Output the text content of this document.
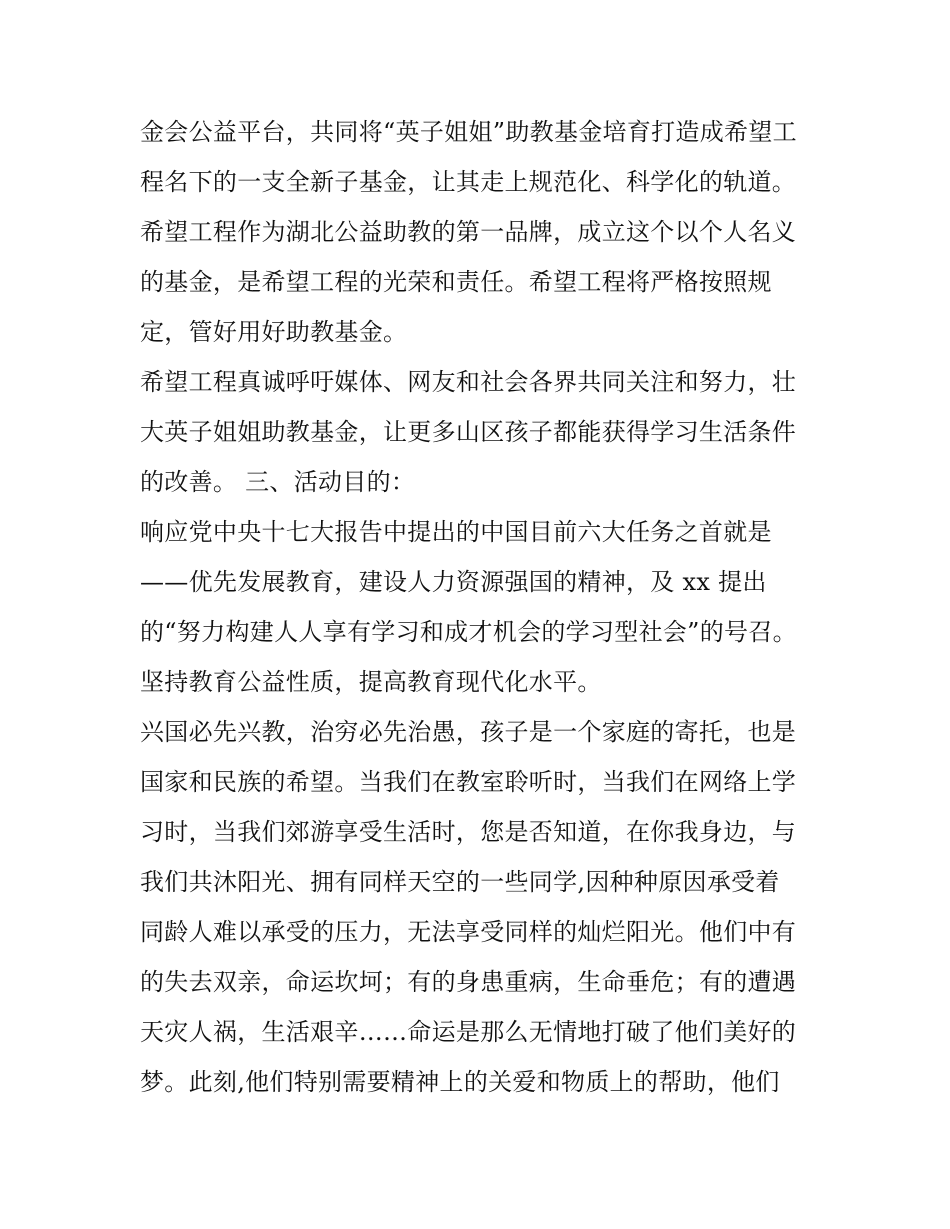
金会公益平台，共同将“英子姐姐”助教基金培育打造成希望工
程名下的一支全新子基金，让其走上规范化、科学化的轨道。
希望工程作为湖北公益助教的第一品牌，成立这个以个人名义
的基金，是希望工程的光荣和责任。希望工程将严格按照规
定，管好用好助教基金。
希望工程真诚呼吁媒体、网友和社会各界共同关注和努力，壮
大英子姐姐助教基金，让更多山区孩子都能获得学习生活条件
的改善。 三、活动目的：
响应党中央十七大报告中提出的中国目前六大任务之首就是
——优先发展教育，建设人力资源强国的精神，及 xx 提出
的“努力构建人人享有学习和成才机会的学习型社会”的号召。
坚持教育公益性质，提高教育现代化水平。
兴国必先兴教，治穷必先治愚，孩子是一个家庭的寄托，也是
国家和民族的希望。当我们在教室聆听时，当我们在网络上学
习时，当我们郊游享受生活时，您是否知道，在你我身边，与
我们共沐阳光、拥有同样天空的一些同学,因种种原因承受着
同龄人难以承受的压力，无法享受同样的灿烂阳光。他们中有
的失去双亲，命运坎坷；有的身患重病，生命垂危；有的遭遇
天灾人祸，生活艰辛……命运是那么无情地打破了他们美好的
梦。此刻,他们特别需要精神上的关爱和物质上的帮助，他们
